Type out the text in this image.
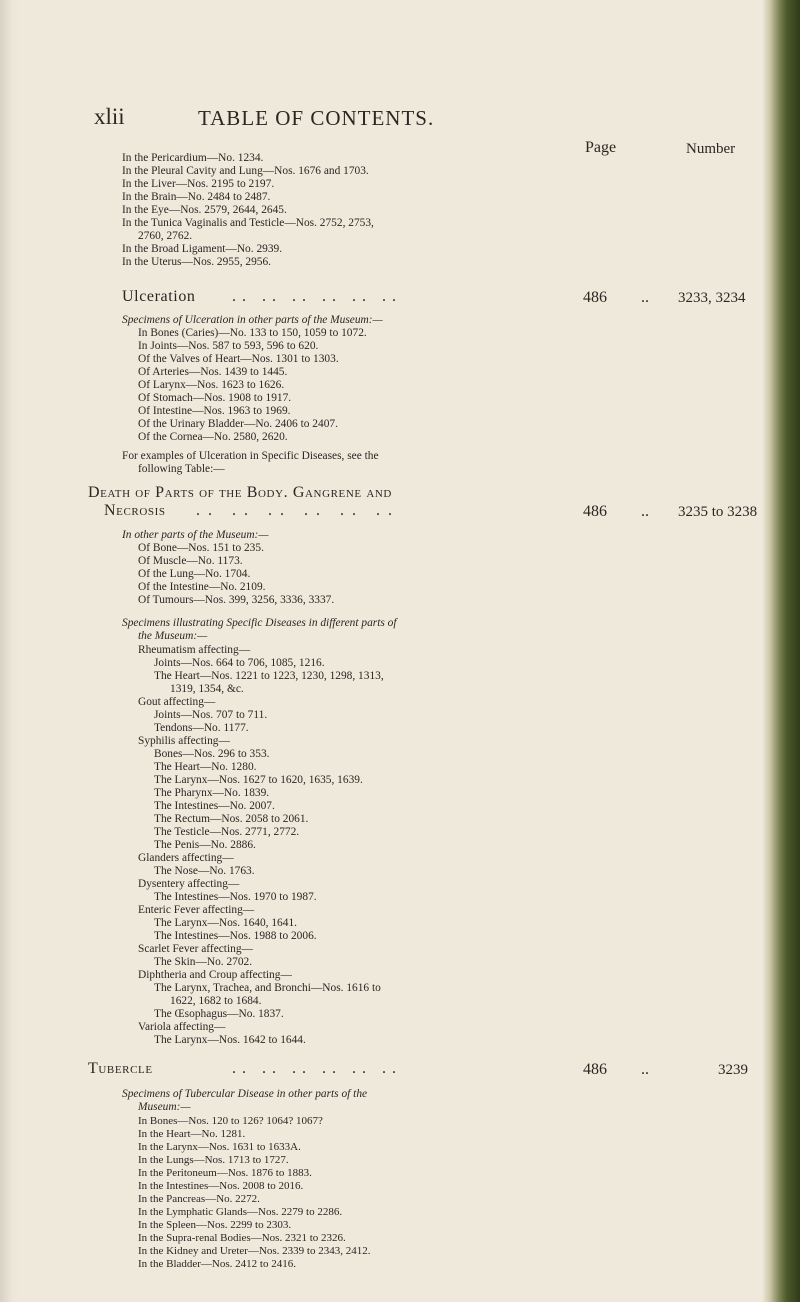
xlii	TABLE OF CONTENTS.
Page	Number
In the Pericardium—No. 1234.
In the Pleural Cavity and Lung—Nos. 1676 and 1703.
In the Liver—Nos. 2195 to 2197.
In the Brain—No. 2484 to 2487.
In the Eye—Nos. 2579, 2644, 2645.
In the Tunica Vaginalis and Testicle—Nos. 2752, 2753,
2760, 2762.
In the Broad Ligament—No. 2939.
In the Uterus—Nos. 2955, 2956.
Ulceration .. .. .. .. .. ..	486 .. 3233, 3234
Specimens of Ulceration in other parts of the Museum:—
In Bones (Caries)—No. 133 to 150, 1059 to 1072.
In Joints—Nos. 587 to 593, 596 to 620.
Of the Valves of Heart—Nos. 1301 to 1303.
Of Arteries—Nos. 1439 to 1445.
Of Larynx—Nos. 1623 to 1626.
Of Stomach—Nos. 1908 to 1917.
Of Intestine—Nos. 1963 to 1969.
Of the Urinary Bladder—No. 2406 to 2407.
Of the Cornea—No. 2580, 2620.
For examples of Ulceration in Specific Diseases, see the
following Table:—
Death of Parts of the Body. Gangrene and
Necrosis .. .. .. .. .. ..	486 .. 3235 to 3238
In other parts of the Museum:—
Of Bone—Nos. 151 to 235.
Of Muscle—No. 1173.
Of the Lung—No. 1704.
Of the Intestine—No. 2109.
Of Tumours—Nos. 399, 3256, 3336, 3337.
Specimens illustrating Specific Diseases in different parts of
the Museum:—
Rheumatism affecting—
Joints—Nos. 664 to 706, 1085, 1216.
The Heart—Nos. 1221 to 1223, 1230, 1298, 1313,
1319, 1354, &c.
Gout affecting—
Joints—Nos. 707 to 711.
Tendons—No. 1177.
Syphilis affecting—
Bones—Nos. 296 to 353.
The Heart—No. 1280.
The Larynx—Nos. 1627 to 1620, 1635, 1639.
The Pharynx—No. 1839.
The Intestines—No. 2007.
The Rectum—Nos. 2058 to 2061.
The Testicle—Nos. 2771, 2772.
The Penis—No. 2886.
Glanders affecting—
The Nose—No. 1763.
Dysentery affecting—
The Intestines—Nos. 1970 to 1987.
Enteric Fever affecting—
The Larynx—Nos. 1640, 1641.
The Intestines—Nos. 1988 to 2006.
Scarlet Fever affecting—
The Skin—No. 2702.
Diphtheria and Croup affecting—
The Larynx, Trachea, and Bronchi—Nos. 1616 to
1622, 1682 to 1684.
The Œsophagus—No. 1837.
Variola affecting—
The Larynx—Nos. 1642 to 1644.
Tubercle	.. .. .. .. .. ..	486 ..	3239
Specimens of Tubercular Disease in other parts of the
Museum:—
In Bones—Nos. 120 to 126? 1064? 1067?
In the Heart—No. 1281.
In the Larynx—Nos. 1631 to 1633A.
In the Lungs—Nos. 1713 to 1727.
In the Peritoneum—Nos. 1876 to 1883.
In the Intestines—Nos. 2008 to 2016.
In the Pancreas—No. 2272.
In the Lymphatic Glands—Nos. 2279 to 2286.
In the Spleen—Nos. 2299 to 2303.
In the Supra-renal Bodies—Nos. 2321 to 2326.
In the Kidney and Ureter—Nos. 2339 to 2343, 2412.
In the Bladder—Nos. 2412 to 2416.
